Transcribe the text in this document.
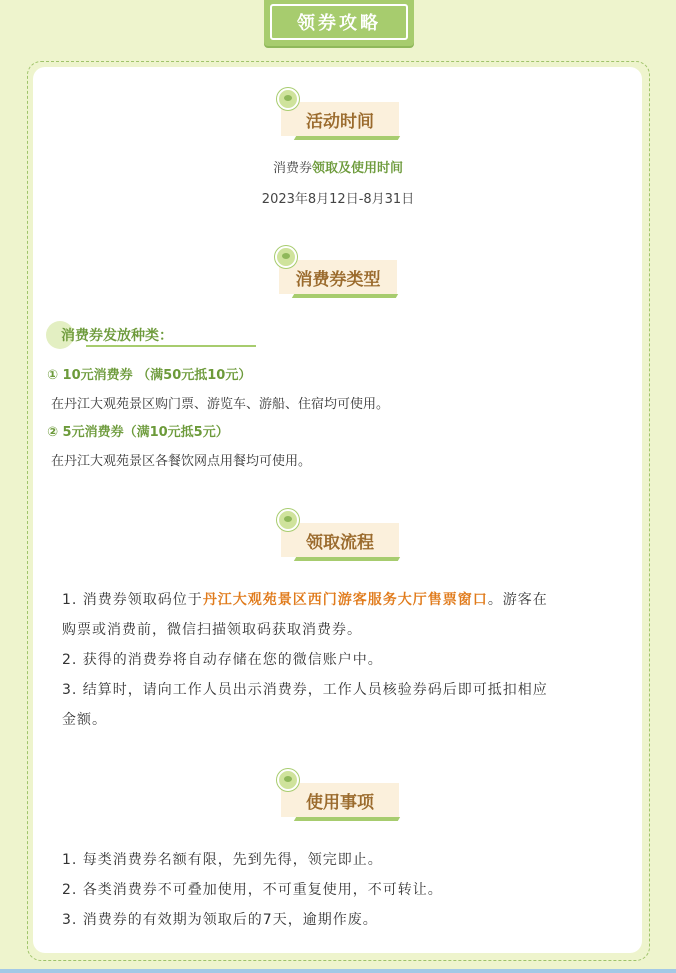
领券攻略
活动时间
消费券领取及使用时间
2023年8月12日-8月31日
消费券类型
消费券发放种类：
① 10元消费券 （满50元抵10元）
在丹江大观苑景区购门票、游览车、游船、住宿均可使用。
② 5元消费券（满10元抵5元）
在丹江大观苑景区各餐饮网点用餐均可使用。
领取流程
1. 消费券领取码位于丹江大观苑景区西门游客服务大厅售票窗口。游客在
购票或消费前，微信扫描领取码获取消费券。
2. 获得的消费券将自动存储在您的微信账户中。
3. 结算时，请向工作人员出示消费券，工作人员核验券码后即可抵扣相应
金额。
使用事项
1. 每类消费券名额有限，先到先得，领完即止。
2. 各类消费券不可叠加使用，不可重复使用，不可转让。
3. 消费券的有效期为领取后的7天，逾期作废。
